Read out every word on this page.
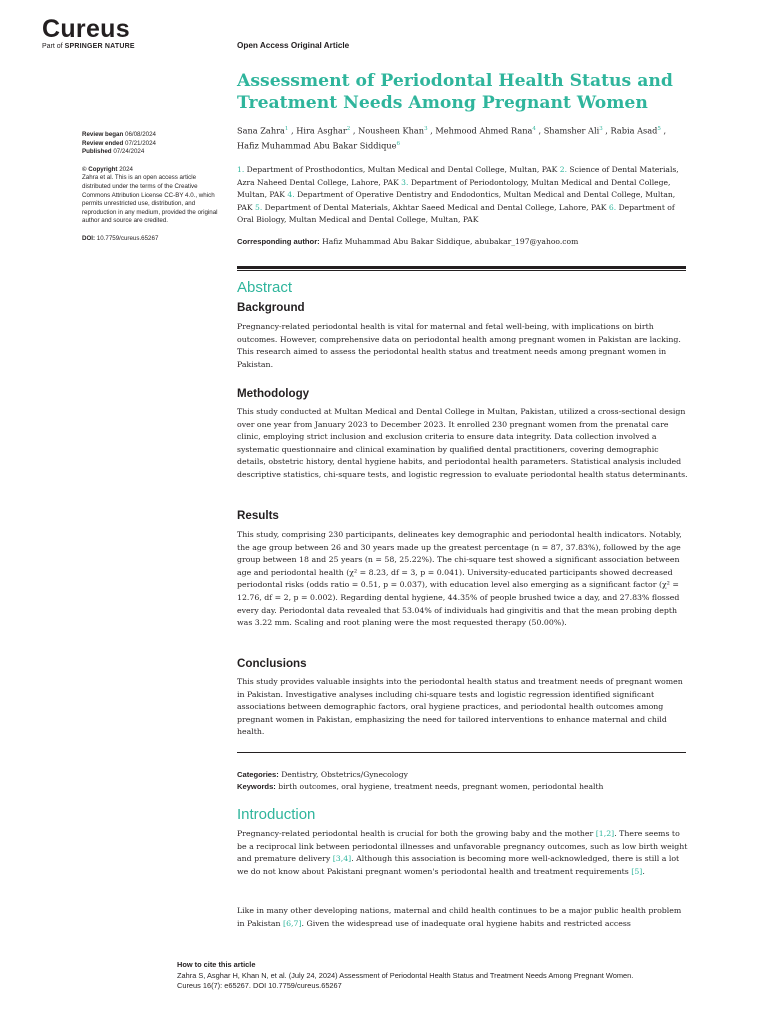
Cureus
Part of SPRINGER NATURE	Open Access Original Article
Assessment of Periodontal Health Status and Treatment Needs Among Pregnant Women
Sana Zahra$^1$ , Hira Asghar$^2$ , Nousheen Khan$^3$ , Mehmood Ahmed Rana$^4$ , Shamsher Ali$^3$ , Rabia Asad$^5$ ,
Hafiz Muhammad Abu Bakar Siddique$^6$
1. Department of Prosthodontics, Multan Medical and Dental College, Multan, PAK 2. Science of Dental Materials, Azra Naheed Dental College, Lahore, PAK 3. Department of Periodontology, Multan Medical and Dental College, Multan, PAK 4. Department of Operative Dentistry and Endodontics, Multan Medical and Dental College, Multan, PAK 5. Department of Dental Materials, Akhtar Saeed Medical and Dental College, Lahore, PAK 6. Department of Oral Biology, Multan Medical and Dental College, Multan, PAK
Corresponding author: Hafiz Muhammad Abu Bakar Siddique, abubakar_197@yahoo.com
Review began 06/08/2024
Review ended 07/21/2024
Published 07/24/2024
© Copyright 2024
Zahra et al. This is an open access article distributed under the terms of the Creative Commons Attribution License CC-BY 4.0., which permits unrestricted use, distribution, and reproduction in any medium, provided the original author and source are credited.
DOI: 10.7759/cureus.65267
Abstract
Background

Pregnancy-related periodontal health is vital for maternal and fetal well-being, with implications on birth outcomes. However, comprehensive data on periodontal health among pregnant women in Pakistan are lacking. This research aimed to assess the periodontal health status and treatment needs among pregnant women in Pakistan.

Methodology

This study conducted at Multan Medical and Dental College in Multan, Pakistan, utilized a cross-sectional design over one year from January 2023 to December 2023. It enrolled 230 pregnant women from the prenatal care clinic, employing strict inclusion and exclusion criteria to ensure data integrity. Data collection involved a systematic questionnaire and clinical examination by qualified dental practitioners, covering demographic details, obstetric history, dental hygiene habits, and periodontal health parameters. Statistical analysis included descriptive statistics, chi-square tests, and logistic regression to evaluate periodontal health status determinants.

Results

This study, comprising 230 participants, delineates key demographic and periodontal health indicators. Notably, the age group between 26 and 30 years made up the greatest percentage (n = 87, 37.83%), followed by the age group between 18 and 25 years (n = 58, 25.22%). The chi-square test showed a significant association between age and periodontal health (χ² = 8.23, df = 3, p = 0.041). University-educated participants showed decreased periodontal risks (odds ratio = 0.51, p = 0.037), with education level also emerging as a significant factor (χ² = 12.76, df = 2, p = 0.002). Regarding dental hygiene, 44.35% of people brushed twice a day, and 27.83% flossed every day. Periodontal data revealed that 53.04% of individuals had gingivitis and that the mean probing depth was 3.22 mm. Scaling and root planing were the most requested therapy (50.00%).

Conclusions

This study provides valuable insights into the periodontal health status and treatment needs of pregnant women in Pakistan. Investigative analyses including chi-square tests and logistic regression identified significant associations between demographic factors, oral hygiene practices, and periodontal health outcomes among pregnant women in Pakistan, emphasizing the need for tailored interventions to enhance maternal and child health.

Categories: Dentistry, Obstetrics/Gynecology
Keywords: birth outcomes, oral hygiene, treatment needs, pregnant women, periodontal health
Introduction

Pregnancy-related periodontal health is crucial for both the growing baby and the mother [1,2]. There seems to be a reciprocal link between periodontal illnesses and unfavorable pregnancy outcomes, such as low birth weight and premature delivery [3,4]. Although this association is becoming more well-acknowledged, there is still a lot we do not know about Pakistani pregnant women's periodontal health and treatment requirements [5].

Like in many other developing nations, maternal and child health continues to be a major public health problem in Pakistan [6,7]. Given the widespread use of inadequate oral hygiene habits and restricted access

How to cite this article
Zahra S, Asghar H, Khan N, et al. (July 24, 2024) Assessment of Periodontal Health Status and Treatment Needs Among Pregnant Women.
Cureus 16(7): e65267. DOI 10.7759/cureus.65267
